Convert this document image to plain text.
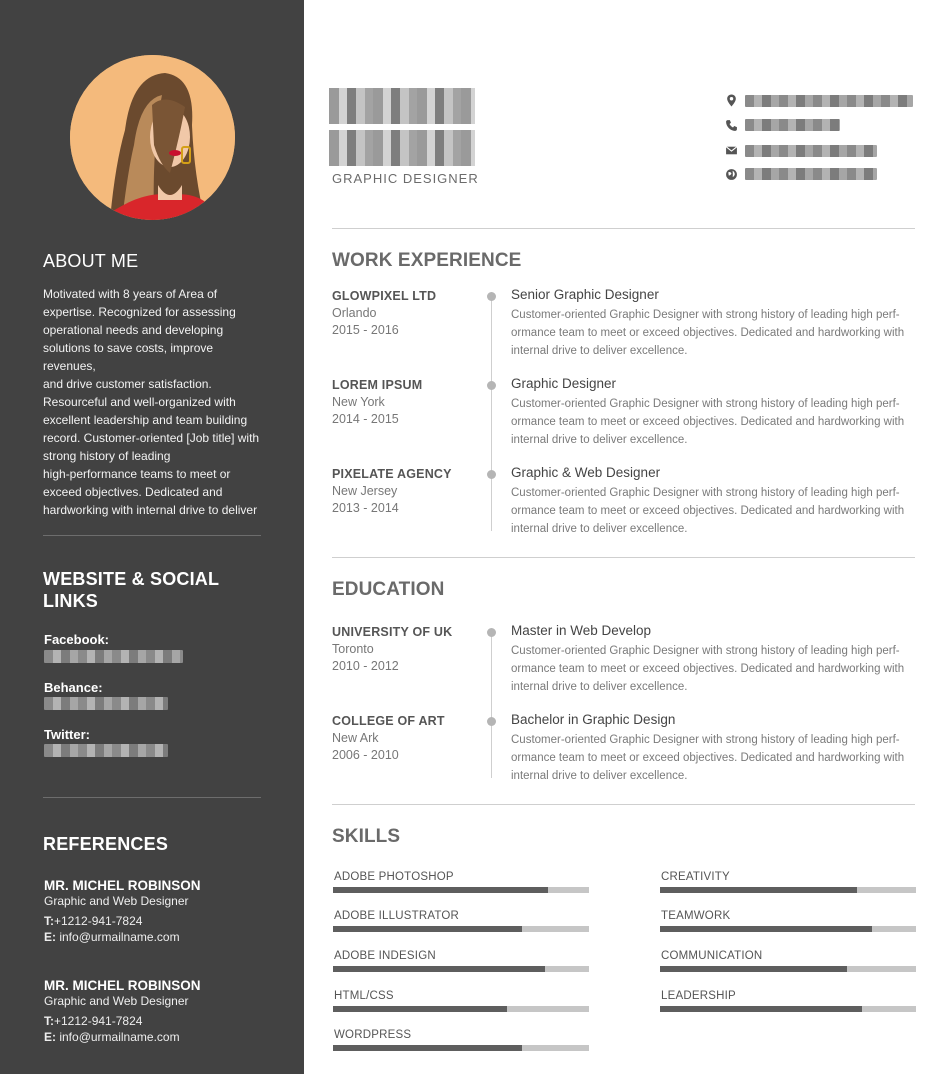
ABOUT ME
Motivated with 8 years of Area of
expertise. Recognized for assessing
operational needs and developing
solutions to save costs, improve revenues,
and drive customer satisfaction.
Resourceful and well-organized with
excellent leadership and team building
record. Customer-oriented [Job title] with
strong history of leading
high-performance teams to meet or
exceed objectives. Dedicated and
hardworking with internal drive to deliver
WEBSITE & SOCIAL
LINKS
Facebook:
Behance:
Twitter:
REFERENCES
MR. MICHEL ROBINSON
Graphic and Web Designer
T:+1212-941-7824
E: info@urmailname.com
MR. MICHEL ROBINSON
Graphic and Web Designer
T:+1212-941-7824
E: info@urmailname.com
GRAPHIC DESIGNER
WORK EXPERIENCE
GLOWPIXEL LTD
Orlando
2015 - 2016
Senior Graphic Designer
Customer-oriented Graphic Designer with strong history of leading high perf-
ormance team to meet or exceed objectives. Dedicated and hardworking with
internal drive to deliver excellence.
LOREM IPSUM
New York
2014 - 2015
Graphic Designer
Customer-oriented Graphic Designer with strong history of leading high perf-
ormance team to meet or exceed objectives. Dedicated and hardworking with
internal drive to deliver excellence.
PIXELATE AGENCY
New Jersey
2013 - 2014
Graphic & Web Designer
Customer-oriented Graphic Designer with strong history of leading high perf-
ormance team to meet or exceed objectives. Dedicated and hardworking with
internal drive to deliver excellence.
EDUCATION
UNIVERSITY OF UK
Toronto
2010 - 2012
Master in Web Develop
Customer-oriented Graphic Designer with strong history of leading high perf-
ormance team to meet or exceed objectives. Dedicated and hardworking with
internal drive to deliver excellence.
COLLEGE OF ART
New Ark
2006 - 2010
Bachelor in Graphic Design
Customer-oriented Graphic Designer with strong history of leading high perf-
ormance team to meet or exceed objectives. Dedicated and hardworking with
internal drive to deliver excellence.
SKILLS
ADOBE PHOTOSHOP
ADOBE ILLUSTRATOR
ADOBE INDESIGN
HTML/CSS
WORDPRESS
CREATIVITY
TEAMWORK
COMMUNICATION
LEADERSHIP
